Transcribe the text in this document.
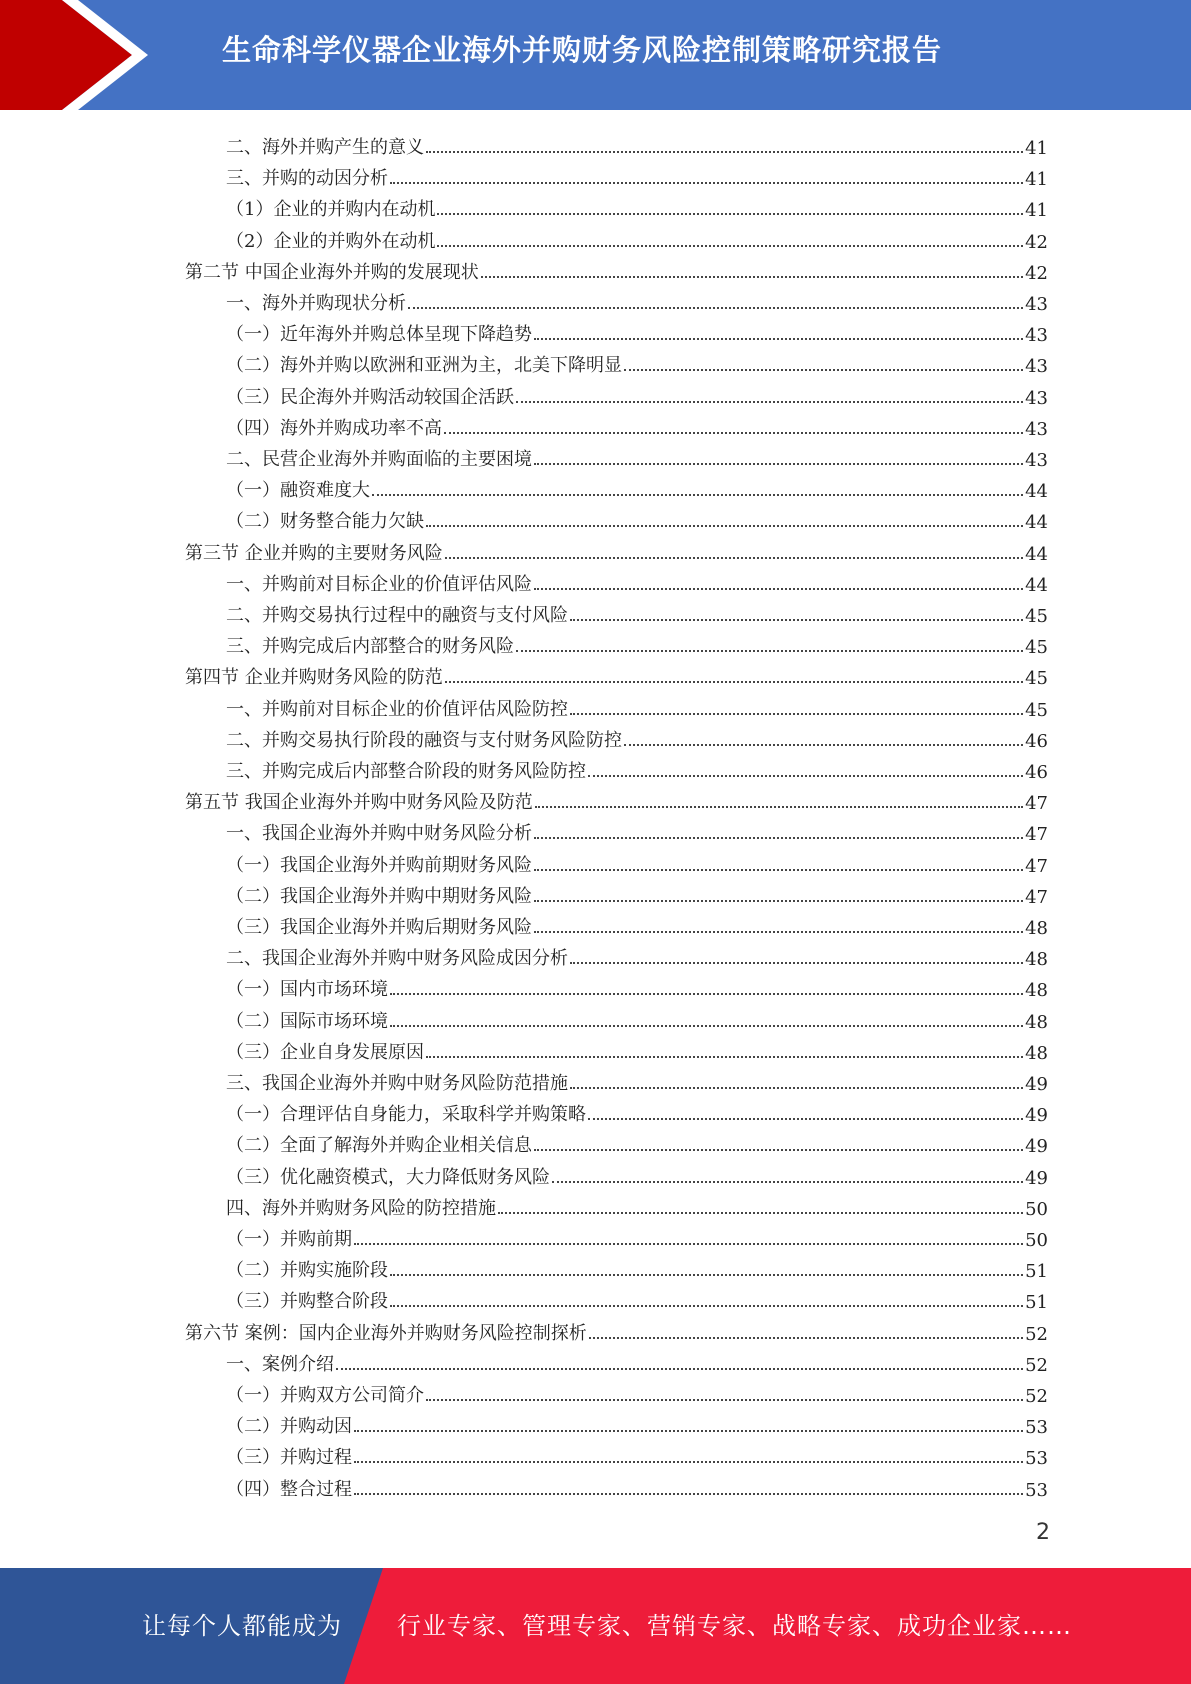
生命科学仪器企业海外并购财务风险控制策略研究报告
二、海外并购产生的意义	41
三、并购的动因分析	41
（1）企业的并购内在动机	41
（2）企业的并购外在动机	42
第二节 中国企业海外并购的发展现状	42
一、海外并购现状分析	43
（一）近年海外并购总体呈现下降趋势	43
（二）海外并购以欧洲和亚洲为主，北美下降明显	43
（三）民企海外并购活动较国企活跃	43
（四）海外并购成功率不高	43
二、民营企业海外并购面临的主要困境	43
（一）融资难度大	44
（二）财务整合能力欠缺	44
第三节 企业并购的主要财务风险	44
一、并购前对目标企业的价值评估风险	44
二、并购交易执行过程中的融资与支付风险	45
三、并购完成后内部整合的财务风险	45
第四节 企业并购财务风险的防范	45
一、并购前对目标企业的价值评估风险防控	45
二、并购交易执行阶段的融资与支付财务风险防控	46
三、并购完成后内部整合阶段的财务风险防控	46
第五节 我国企业海外并购中财务风险及防范	47
一、我国企业海外并购中财务风险分析	47
（一）我国企业海外并购前期财务风险	47
（二）我国企业海外并购中期财务风险	47
（三）我国企业海外并购后期财务风险	48
二、我国企业海外并购中财务风险成因分析	48
（一）国内市场环境	48
（二）国际市场环境	48
（三）企业自身发展原因	48
三、我国企业海外并购中财务风险防范措施	49
（一）合理评估自身能力，采取科学并购策略	49
（二）全面了解海外并购企业相关信息	49
（三）优化融资模式，大力降低财务风险	49
四、海外并购财务风险的防控措施	50
（一）并购前期	50
（二）并购实施阶段	51
（三）并购整合阶段	51
第六节 案例：国内企业海外并购财务风险控制探析	52
一、案例介绍	52
（一）并购双方公司简介	52
（二）并购动因	53
（三）并购过程	53
（四）整合过程	53
2
让每个人都能成为 行业专家、管理专家、营销专家、战略专家、成功企业家……
